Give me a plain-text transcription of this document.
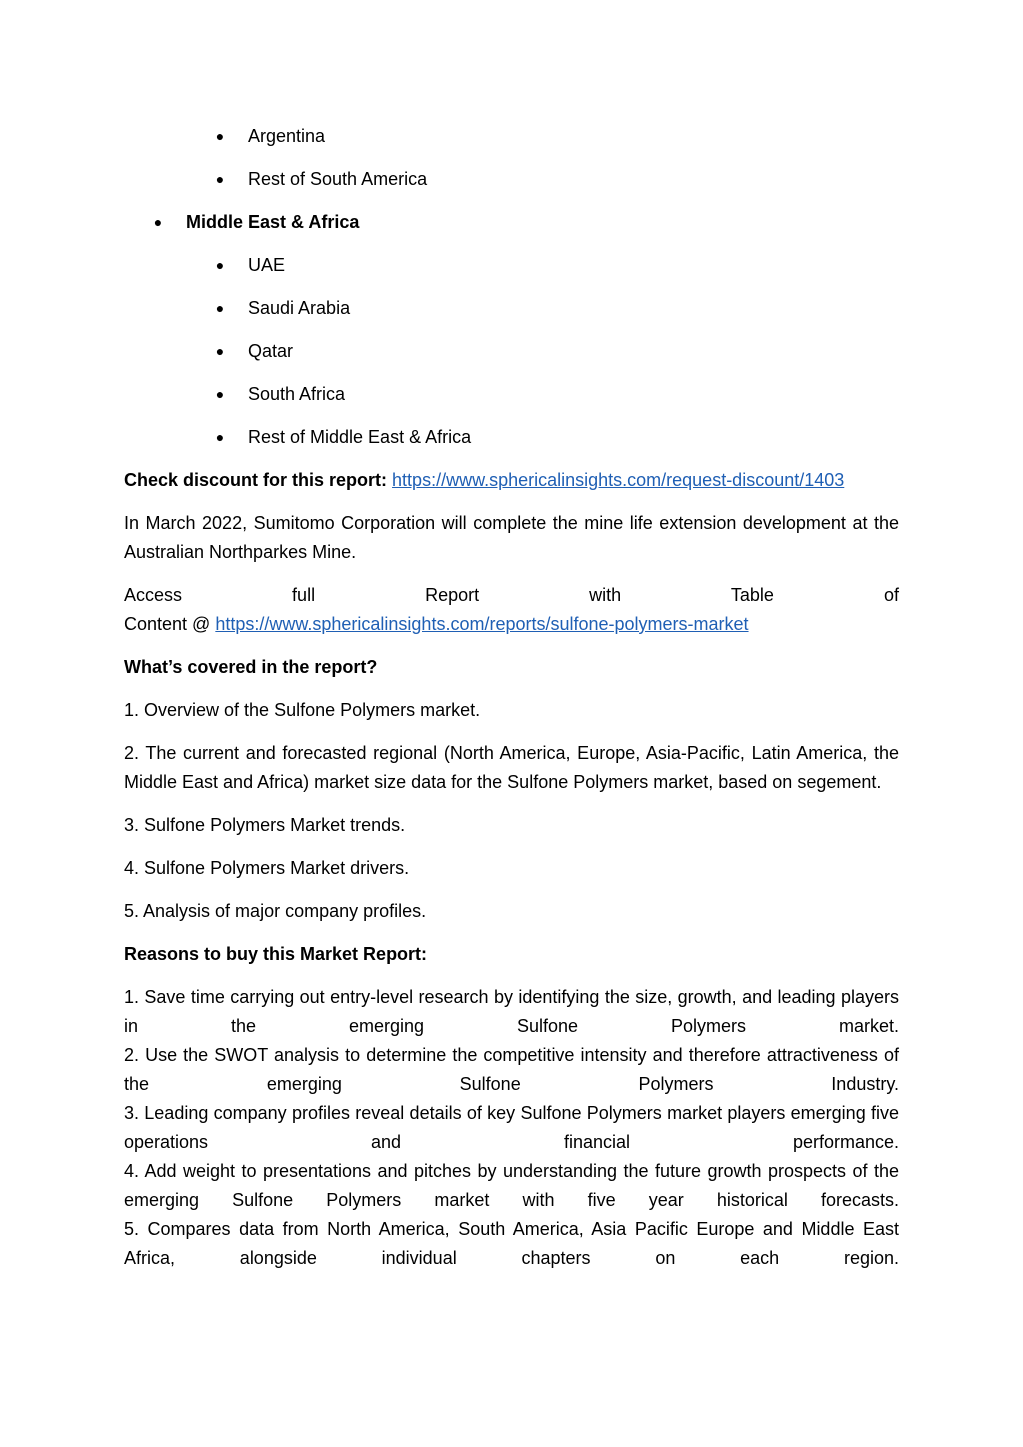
● Argentina
● Rest of South America
● Middle East & Africa
● UAE
● Saudi Arabia
● Qatar
● South Africa
● Rest of Middle East & Africa

Check discount for this report: https://www.sphericalinsights.com/request-discount/1403

In March 2022, Sumitomo Corporation will complete the mine life extension development at the Australian Northparkes Mine.

Access full Report with Table of
Content @ https://www.sphericalinsights.com/reports/sulfone-polymers-market

What’s covered in the report?

1. Overview of the Sulfone Polymers market.

2. The current and forecasted regional (North America, Europe, Asia-Pacific, Latin America, the Middle East and Africa) market size data for the Sulfone Polymers market, based on segement.

3. Sulfone Polymers Market trends.

4. Sulfone Polymers Market drivers.

5. Analysis of major company profiles.

Reasons to buy this Market Report:

1. Save time carrying out entry-level research by identifying the size, growth, and leading players in the emerging Sulfone Polymers market.
2. Use the SWOT analysis to determine the competitive intensity and therefore attractiveness of the emerging Sulfone Polymers Industry.
3. Leading company profiles reveal details of key Sulfone Polymers market players emerging five operations and financial performance.
4. Add weight to presentations and pitches by understanding the future growth prospects of the emerging Sulfone Polymers market with five year historical forecasts.
5. Compares data from North America, South America, Asia Pacific Europe and Middle East Africa, alongside individual chapters on each region.
